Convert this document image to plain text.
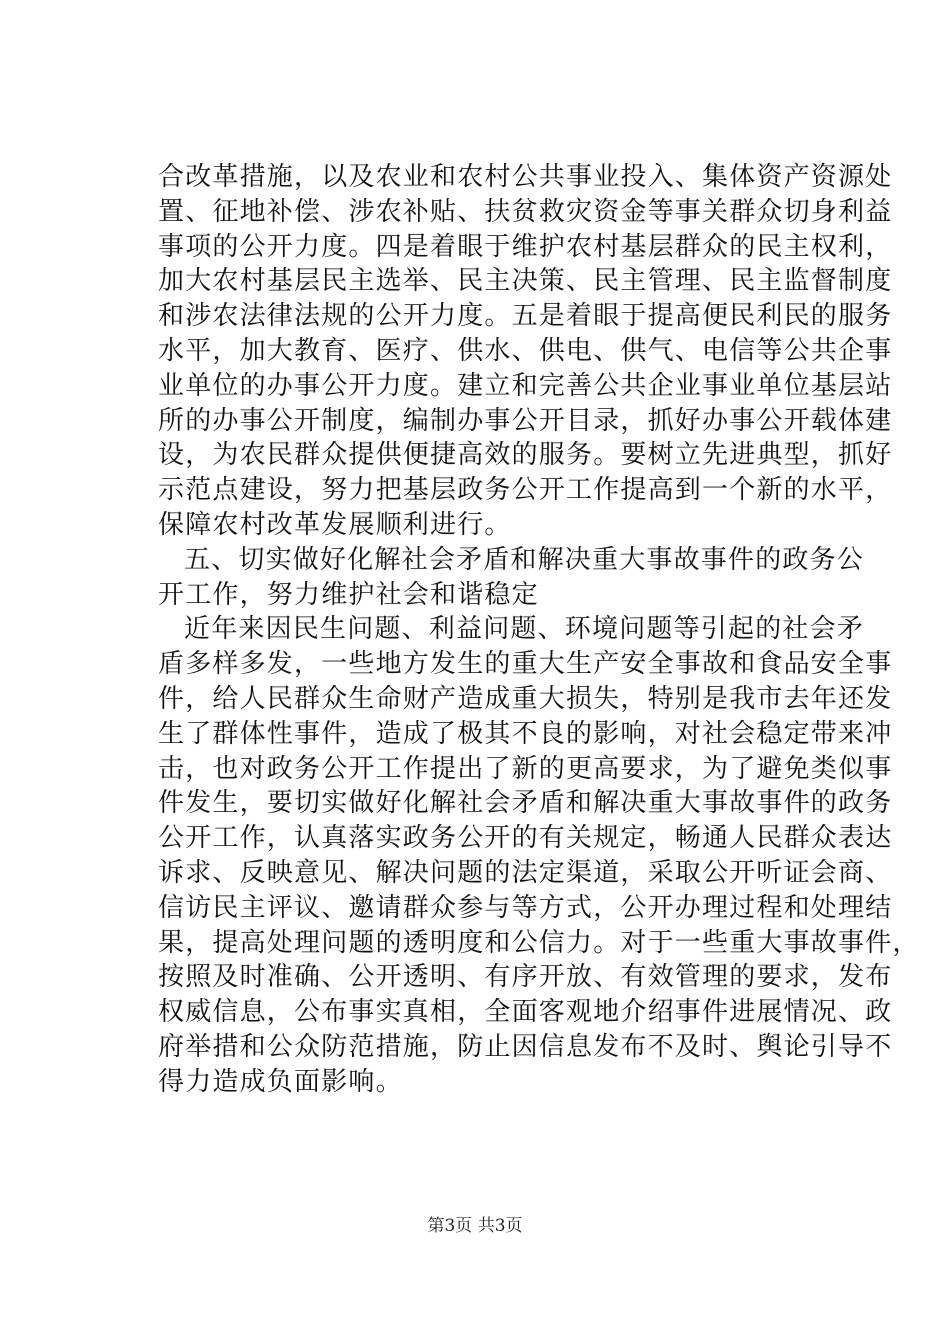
合改革措施，以及农业和农村公共事业投入、集体资产资源处
置、征地补偿、涉农补贴、扶贫救灾资金等事关群众切身利益
事项的公开力度。四是着眼于维护农村基层群众的民主权利，
加大农村基层民主选举、民主决策、民主管理、民主监督制度
和涉农法律法规的公开力度。五是着眼于提高便民利民的服务
水平，加大教育、医疗、供水、供电、供气、电信等公共企事
业单位的办事公开力度。建立和完善公共企业事业单位基层站
所的办事公开制度，编制办事公开目录，抓好办事公开载体建
设，为农民群众提供便捷高效的服务。要树立先进典型，抓好
示范点建设，努力把基层政务公开工作提高到一个新的水平，
保障农村改革发展顺利进行。
五、切实做好化解社会矛盾和解决重大事故事件的政务公
开工作，努力维护社会和谐稳定
近年来因民生问题、利益问题、环境问题等引起的社会矛
盾多样多发，一些地方发生的重大生产安全事故和食品安全事
件，给人民群众生命财产造成重大损失，特别是我市去年还发
生了群体性事件，造成了极其不良的影响，对社会稳定带来冲
击，也对政务公开工作提出了新的更高要求，为了避免类似事
件发生，要切实做好化解社会矛盾和解决重大事故事件的政务
公开工作，认真落实政务公开的有关规定，畅通人民群众表达
诉求、反映意见、解决问题的法定渠道，采取公开听证会商、
信访民主评议、邀请群众参与等方式，公开办理过程和处理结
果，提高处理问题的透明度和公信力。对于一些重大事故事件，
按照及时准确、公开透明、有序开放、有效管理的要求，发布
权威信息，公布事实真相，全面客观地介绍事件进展情况、政
府举措和公众防范措施，防止因信息发布不及时、舆论引导不
得力造成负面影响。
第3页 共3页
